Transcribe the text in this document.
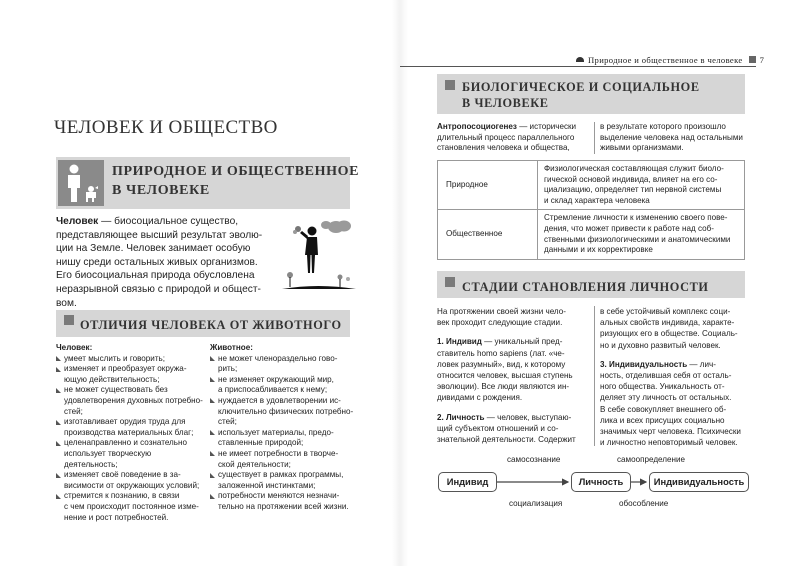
ЧЕЛОВЕК И ОБЩЕСТВО
ПРИРОДНОЕ И ОБЩЕСТВЕННОЕ
В ЧЕЛОВЕКЕ
Человек — биосоциальное существо,
представляющее высший результат эволю-
ции на Земле. Человек занимает особую
нишу среди остальных живых организмов.
Его биосоциальная природа обусловлена
неразрывной связью с природой и общест-
вом.
ОТЛИЧИЯ ЧЕЛОВЕКА ОТ ЖИВОТНОГО
Человек:
умеет мыслить и говорить;
изменяет и преобразует окружа-
ющую действительность;
не может существовать без
удовлетворения духовных потребно-
стей;
изготавливает орудия труда для
производства материальных благ;
целенаправленно и сознательно
использует творческую деятельность;
изменяет своё поведение в за-
висимости от окружающих условий;
стремится к познанию, в связи
с чем происходит постоянное изме-
нение и рост потребностей.
Животное:
не может членораздельно гово-
рить;
не изменяет окружающий мир,
а приспосабливается к нему;
нуждается в удовлетворении ис-
ключительно физических потребно-
стей;
использует материалы, предо-
ставленные природой;
не имеет потребности в творче-
ской деятельности;
существует в рамках программы,
заложенной инстинктами;
потребности меняются незначи-
тельно на протяжении всей жизни.
Природное и общественное в человеке 7
БИОЛОГИЧЕСКОЕ И СОЦИАЛЬНОЕ
В ЧЕЛОВЕКЕ
Антропосоциогенез — исторически
длительный процесс параллельного
становления человека и общества,
в результате которого произошло
выделение человека над остальными
живыми организмами.
Природное	Физиологическая составляющая служит биоло-
гической основой индивида, влияет на его со-
циализацию, определяет тип нервной системы
и склад характера человека

Общественное	Стремление личности к изменению своего пове-
дения, что может привести к работе над соб-
ственными физиологическими и анатомическими
данными и их корректировке
СТАДИИ СТАНОВЛЕНИЯ ЛИЧНОСТИ
На протяжении своей жизни чело-
век проходит следующие стадии.
1. Индивид — уникальный пред-
ставитель homo sapiens (лат. «че-
ловек разумный», вид, к которому
относится человек, высшая ступень
эволюции). Все люди являются ин-
дивидами с рождения.
2. Личность — человек, выступаю-
щий субъектом отношений и со-
знательной деятельности. Содержит
в себе устойчивый комплекс соци-
альных свойств индивида, характе-
ризующих его в обществе. Социаль-
но и духовно развитый человек.
3. Индивидуальность — лич-
ность, отделившая себя от осталь-
ного общества. Уникальность от-
деляет эту личность от остальных.
В себе совокупляет внешнего об-
лика и всех присущих социально
значимых черт человека. Психически
и личностно неповторимый человек.
Индивид	Личность	Индивидуальность
самосознание	самоопределение
социализация	обособление
